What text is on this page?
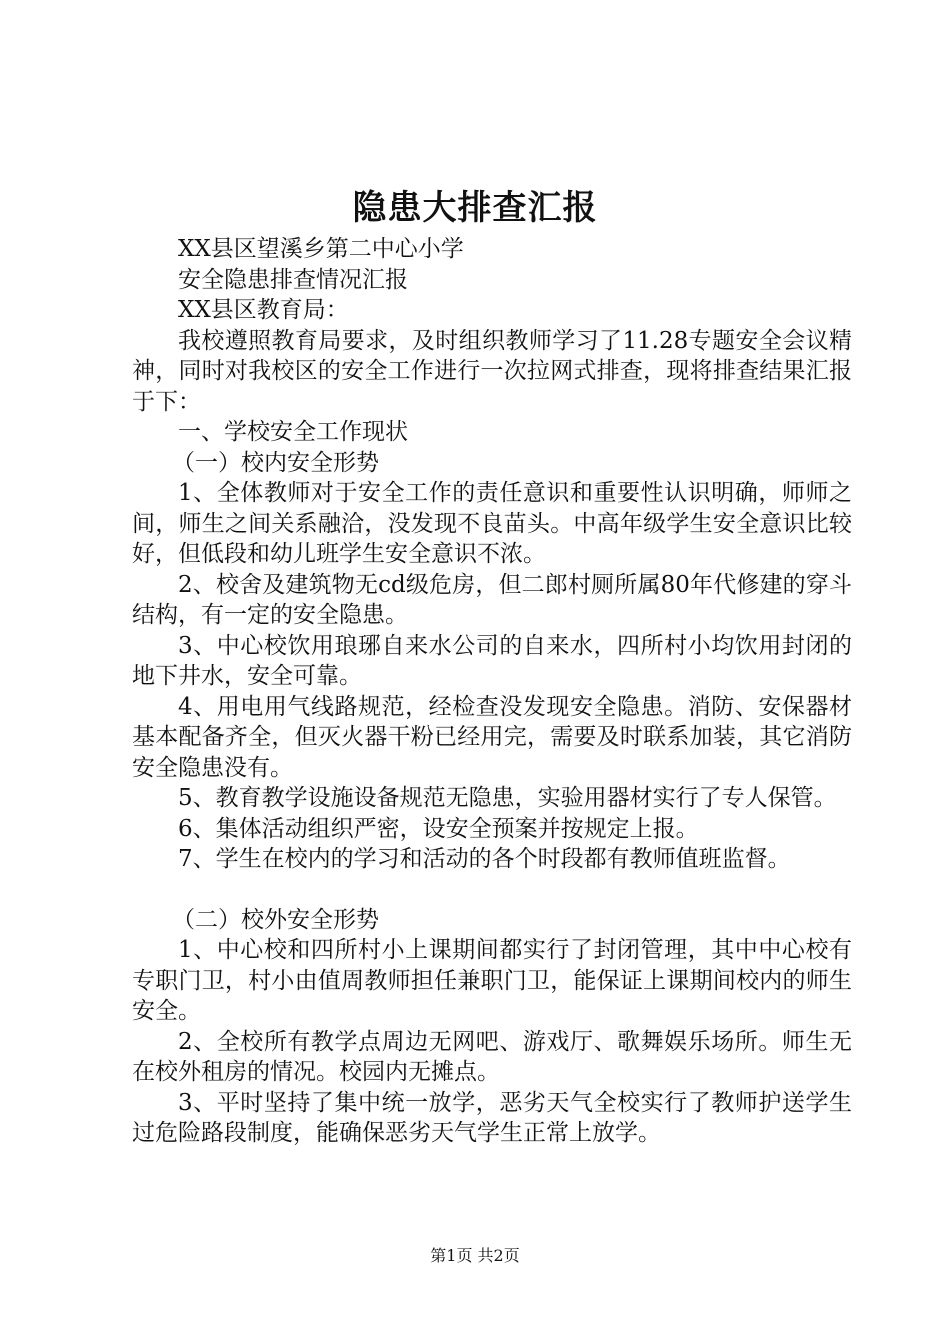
隐患大排查汇报
XX县区望溪乡第二中心小学
安全隐患排查情况汇报
XX县区教育局：

我校遵照教育局要求，及时组织教师学习了11.28专题安全会议精神，同时对我校区的安全工作进行一次拉网式排查，现将排查结果汇报于下：

一、学校安全工作现状
（一）校内安全形势

1、全体教师对于安全工作的责任意识和重要性认识明确，师师之间，师生之间关系融洽，没发现不良苗头。中高年级学生安全意识比较好，但低段和幼儿班学生安全意识不浓。

2、校舍及建筑物无cd级危房，但二郎村厕所属80年代修建的穿斗结构，有一定的安全隐患。

3、中心校饮用琅琊自来水公司的自来水，四所村小均饮用封闭的地下井水，安全可靠。

4、用电用气线路规范，经检查没发现安全隐患。消防、安保器材基本配备齐全，但灭火器干粉已经用完，需要及时联系加装，其它消防安全隐患没有。

5、教育教学设施设备规范无隐患，实验用器材实行了专人保管。

6、集体活动组织严密，设安全预案并按规定上报。

7、学生在校内的学习和活动的各个时段都有教师值班监督。

（二）校外安全形势

1、中心校和四所村小上课期间都实行了封闭管理，其中中心校有专职门卫，村小由值周教师担任兼职门卫，能保证上课期间校内的师生安全。

2、全校所有教学点周边无网吧、游戏厅、歌舞娱乐场所。师生无在校外租房的情况。校园内无摊点。

3、平时坚持了集中统一放学，恶劣天气全校实行了教师护送学生过危险路段制度，能确保恶劣天气学生正常上放学。

第1页 共2页
